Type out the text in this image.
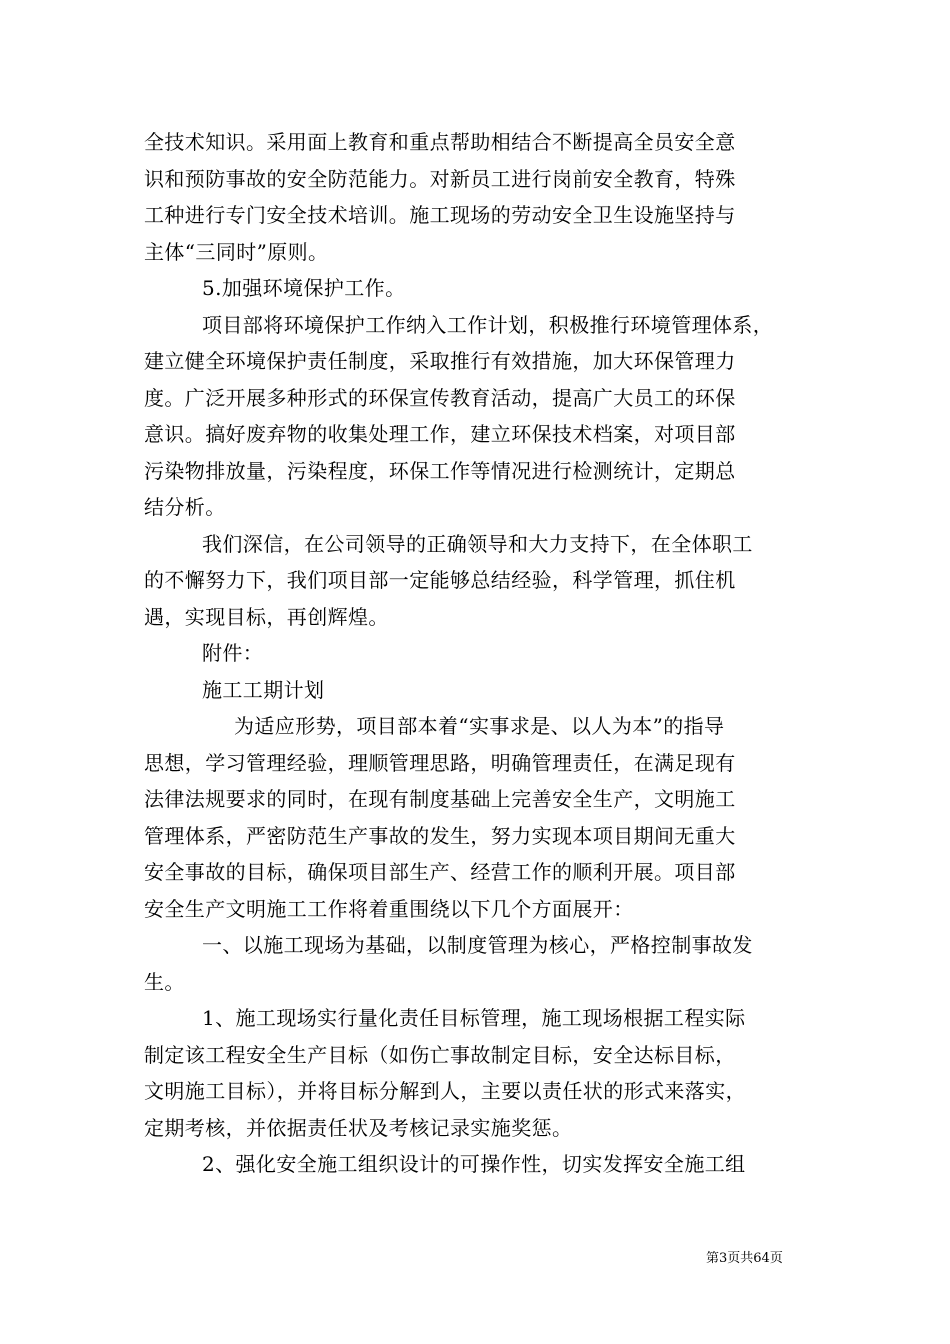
全技术知识。采用面上教育和重点帮助相结合不断提高全员安全意
识和预防事故的安全防范能力。对新员工进行岗前安全教育，特殊
工种进行专门安全技术培训。施工现场的劳动安全卫生设施坚持与
主体“三同时”原则。
5.加强环境保护工作。
项目部将环境保护工作纳入工作计划，积极推行环境管理体系，
建立健全环境保护责任制度，采取推行有效措施，加大环保管理力
度。广泛开展多种形式的环保宣传教育活动，提高广大员工的环保
意识。搞好废弃物的收集处理工作，建立环保技术档案，对项目部
污染物排放量，污染程度，环保工作等情况进行检测统计，定期总
结分析。
我们深信，在公司领导的正确领导和大力支持下，在全体职工
的不懈努力下，我们项目部一定能够总结经验，科学管理，抓住机
遇，实现目标，再创辉煌。
附件：
施工工期计划
为适应形势，项目部本着“实事求是、以人为本”的指导
思想，学习管理经验，理顺管理思路，明确管理责任，在满足现有
法律法规要求的同时，在现有制度基础上完善安全生产，文明施工
管理体系，严密防范生产事故的发生，努力实现本项目期间无重大
安全事故的目标，确保项目部生产、经营工作的顺利开展。项目部
安全生产文明施工工作将着重围绕以下几个方面展开：
一、以施工现场为基础，以制度管理为核心，严格控制事故发
生。
1、施工现场实行量化责任目标管理，施工现场根据工程实际
制定该工程安全生产目标（如伤亡事故制定目标，安全达标目标，
文明施工目标），并将目标分解到人，主要以责任状的形式来落实，
定期考核，并依据责任状及考核记录实施奖惩。
2、强化安全施工组织设计的可操作性，切实发挥安全施工组
第3页共64页
